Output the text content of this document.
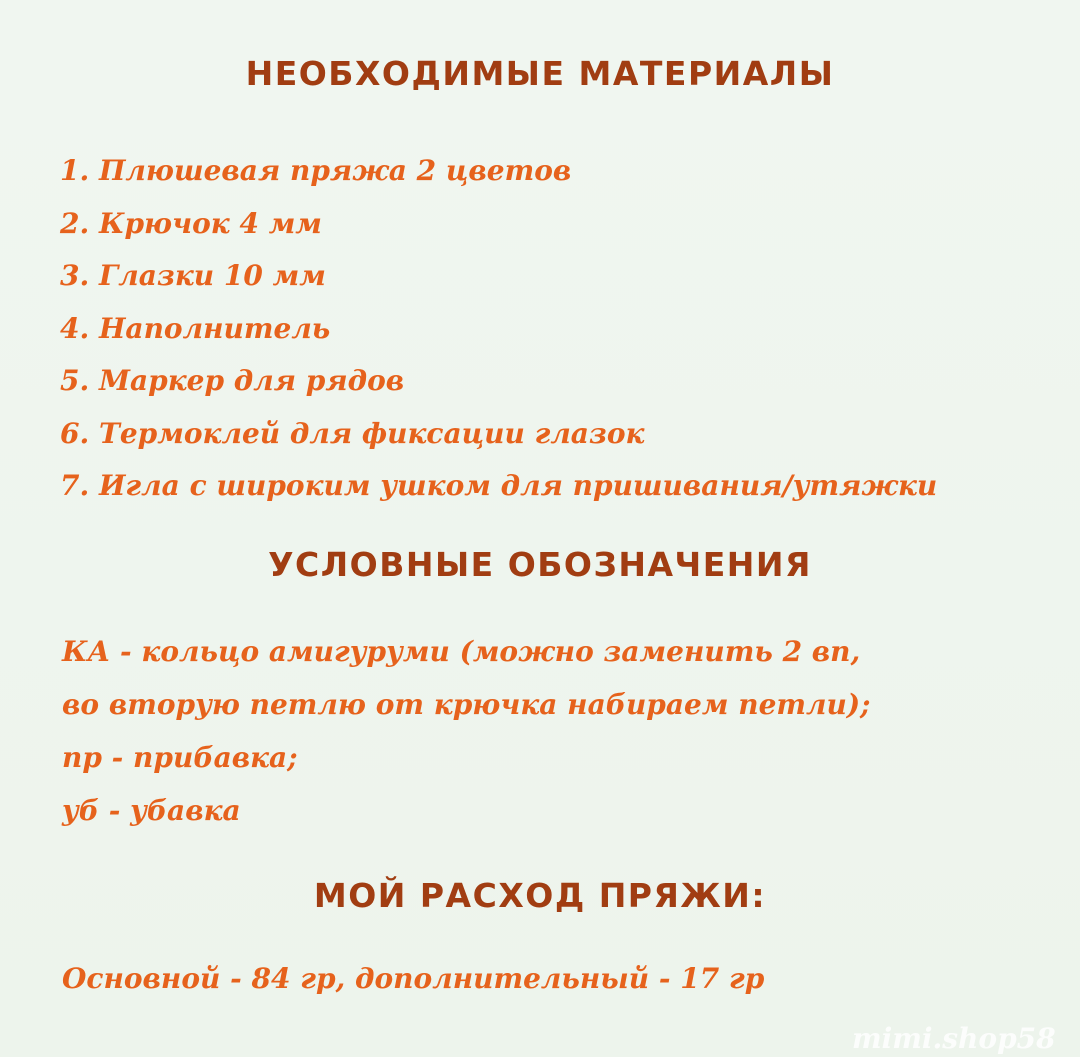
НЕОБХОДИМЫЕ МАТЕРИАЛЫ
1. Плюшевая пряжа 2 цветов
2. Крючок 4 мм
3. Глазки 10 мм
4. Наполнитель
5. Маркер для рядов
6. Термоклей для фиксации глазок
7. Игла с широким ушком для пришивания/утяжки
УСЛОВНЫЕ ОБОЗНАЧЕНИЯ
КА - кольцо амигуруми (можно заменить 2 вп,
во вторую петлю от крючка набираем петли);
пр - прибавка;
уб - убавка
МОЙ РАСХОД ПРЯЖИ:

Основной - 84 гр, дополнительный - 17 гр

mimi.shop58
